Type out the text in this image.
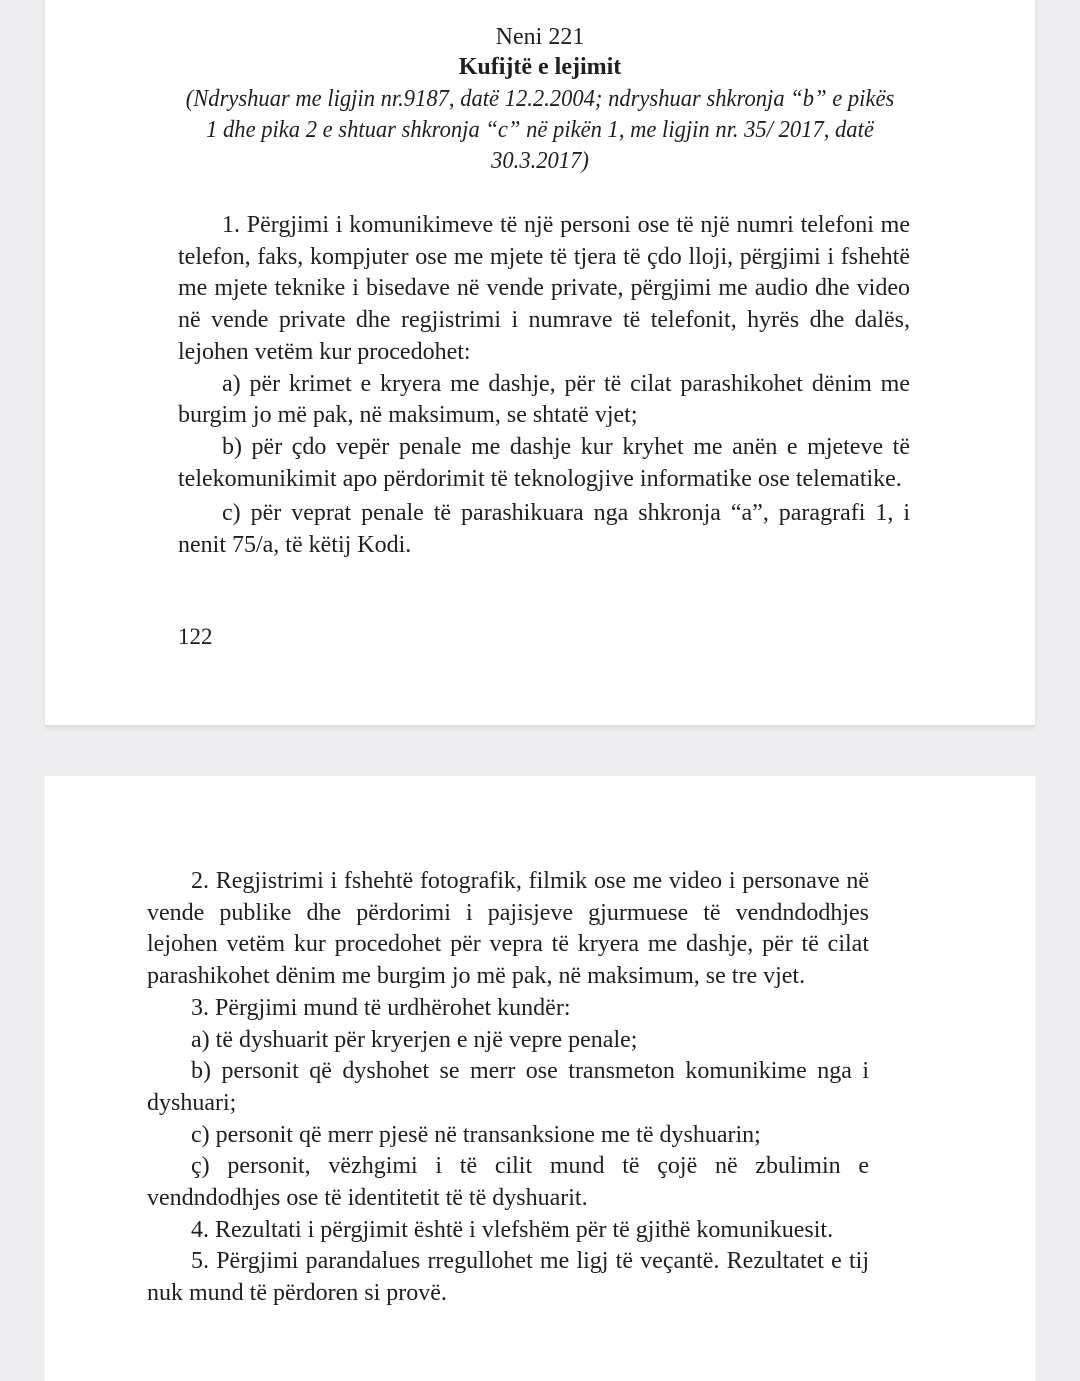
Neni 221
Kufijtë e lejimit
(Ndryshuar me ligjin nr.9187, datë 12.2.2004; ndryshuar shkronja “b” e pikës 1 dhe pika 2 e shtuar shkronja “c” në pikën 1, me ligjin nr. 35/ 2017, datë 30.3.2017)

1. Përgjimi i komunikimeve të një personi ose të një numri telefoni me telefon, faks, kompjuter ose me mjete të tjera të çdo lloji, përgjimi i fshehtë me mjete teknike i bisedave në vende private, përgjimi me audio dhe video në vende private dhe regjistrimi i numrave të telefonit, hyrës dhe dalës, lejohen vetëm kur procedohet:

a) për krimet e kryera me dashje, për të cilat parashikohet dënim me burgim jo më pak, në maksimum, se shtatë vjet;

b) për çdo vepër penale me dashje kur kryhet me anën e mjeteve të telekomunikimit apo përdorimit të teknologjive informatike ose telematike.

c) për veprat penale të parashikuara nga shkronja “a”, paragrafi 1, i nenit 75/a, të këtij Kodi.

122

2. Regjistrimi i fshehtë fotografik, filmik ose me video i personave në vende publike dhe përdorimi i pajisjeve gjurmuese të vendndodhjes lejohen vetëm kur procedohet për vepra të kryera me dashje, për të cilat parashikohet dënim me burgim jo më pak, në maksimum, se tre vjet.

3. Përgjimi mund të urdhërohet kundër:

a) të dyshuarit për kryerjen e një vepre penale;

b) personit që dyshohet se merr ose transmeton komunikime nga i dyshuari;

c) personit që merr pjesë në transanksione me të dyshuarin;

ç) personit, vëzhgimi i të cilit mund të çojë në zbulimin e vendndodhjes ose të identitetit të të dyshuarit.

4. Rezultati i përgjimit është i vlefshëm për të gjithë komunikuesit.

5. Përgjimi parandalues rregullohet me ligj të veçantë. Rezultatet e tij nuk mund të përdoren si provë.
